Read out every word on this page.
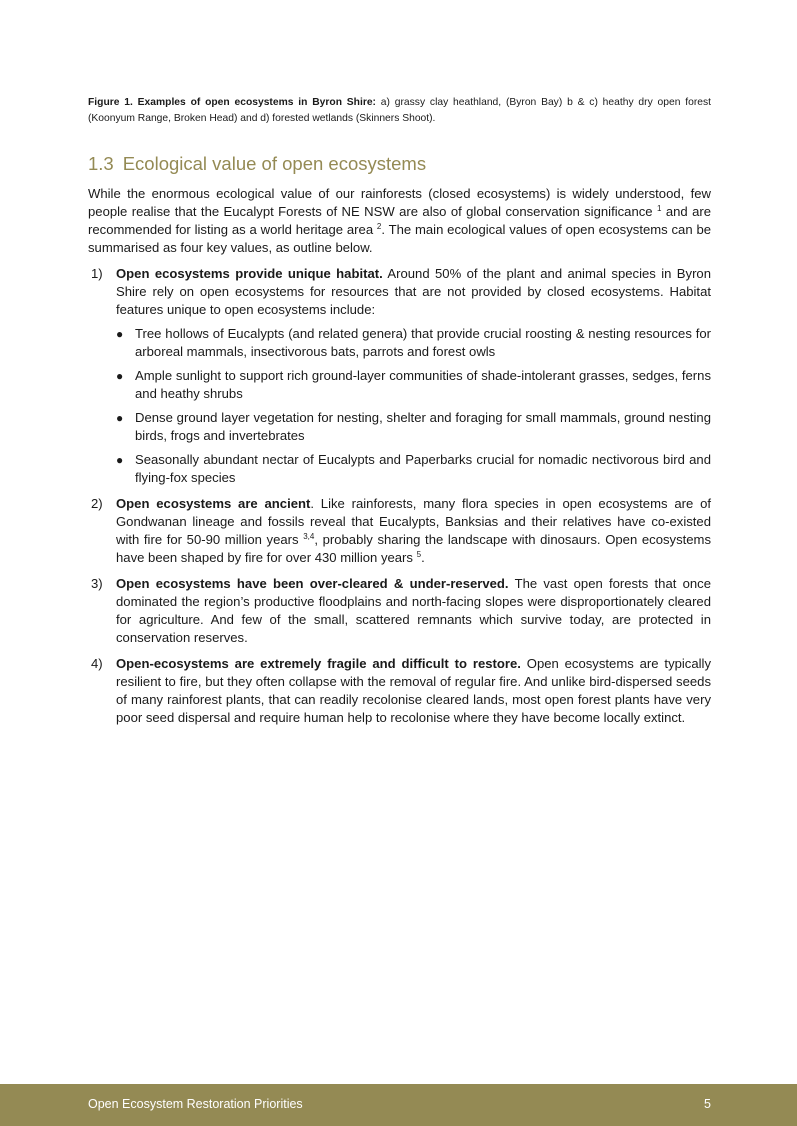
Figure 1. Examples of open ecosystems in Byron Shire: a) grassy clay heathland, (Byron Bay) b & c) heathy dry open forest (Koonyum Range, Broken Head) and d) forested wetlands (Skinners Shoot).

1.3 Ecological value of open ecosystems

While the enormous ecological value of our rainforests (closed ecosystems) is widely understood, few people realise that the Eucalypt Forests of NE NSW are also of global conservation significance $^1$ and are recommended for listing as a world heritage area $^2$. The main ecological values of open ecosystems can be summarised as four key values, as outline below.

1) Open ecosystems provide unique habitat. Around 50% of the plant and animal species in Byron Shire rely on open ecosystems for resources that are not provided by closed ecosystems. Habitat features unique to open ecosystems include:
● Tree hollows of Eucalypts (and related genera) that provide crucial roosting & nesting resources for arboreal mammals, insectivorous bats, parrots and forest owls
● Ample sunlight to support rich ground-layer communities of shade-intolerant grasses, sedges, ferns and heathy shrubs
● Dense ground layer vegetation for nesting, shelter and foraging for small mammals, ground nesting birds, frogs and invertebrates
● Seasonally abundant nectar of Eucalypts and Paperbarks crucial for nomadic nectivorous bird and flying-fox species
2) Open ecosystems are ancient. Like rainforests, many flora species in open ecosystems are of Gondwanan lineage and fossils reveal that Eucalypts, Banksias and their relatives have co-existed with fire for 50-90 million years $^{3,4}$, probably sharing the landscape with dinosaurs. Open ecosystems have been shaped by fire for over 430 million years $^5$.
3) Open ecosystems have been over-cleared & under-reserved. The vast open forests that once dominated the region’s productive floodplains and north-facing slopes were disproportionately cleared for agriculture. And few of the small, scattered remnants which survive today, are protected in conservation reserves.
4) Open-ecosystems are extremely fragile and difficult to restore. Open ecosystems are typically resilient to fire, but they often collapse with the removal of regular fire. And unlike bird-dispersed seeds of many rainforest plants, that can readily recolonise cleared lands, most open forest plants have very poor seed dispersal and require human help to recolonise where they have become locally extinct.
Open Ecosystem Restoration Priorities	5
